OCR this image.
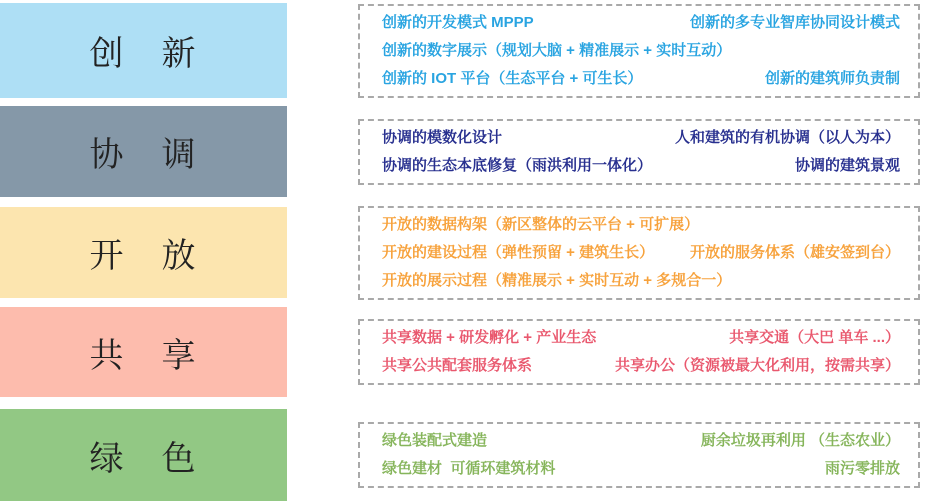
创　新
创新的开发模式 MPPP	创新的多专业智库协同设计模式
创新的数字展示（规划大脑 + 精准展示 + 实时互动）
创新的 IOT 平台（生态平台 + 可生长）	创新的建筑师负责制
协　调	协调的模数化设计	人和建筑的有机协调（以人为本）
协调的生态本底修复（雨洪利用一体化）	协调的建筑景观
开　放
开放的数据构架（新区整体的云平台 + 可扩展）
开放的建设过程（弹性预留 + 建筑生长） 开放的服务体系（雄安签到台）
开放的展示过程（精准展示 + 实时互动 + 多规合一）
共　享	共享数据 + 研发孵化 + 产业生态	共享交通（大巴 单车 ...）
共享公共配套服务体系	共享办公（资源被最大化利用，按需共享）
绿　色	绿色装配式建造	厨余垃圾再利用 （生态农业）
绿色建材  可循环建筑材料	雨污零排放
